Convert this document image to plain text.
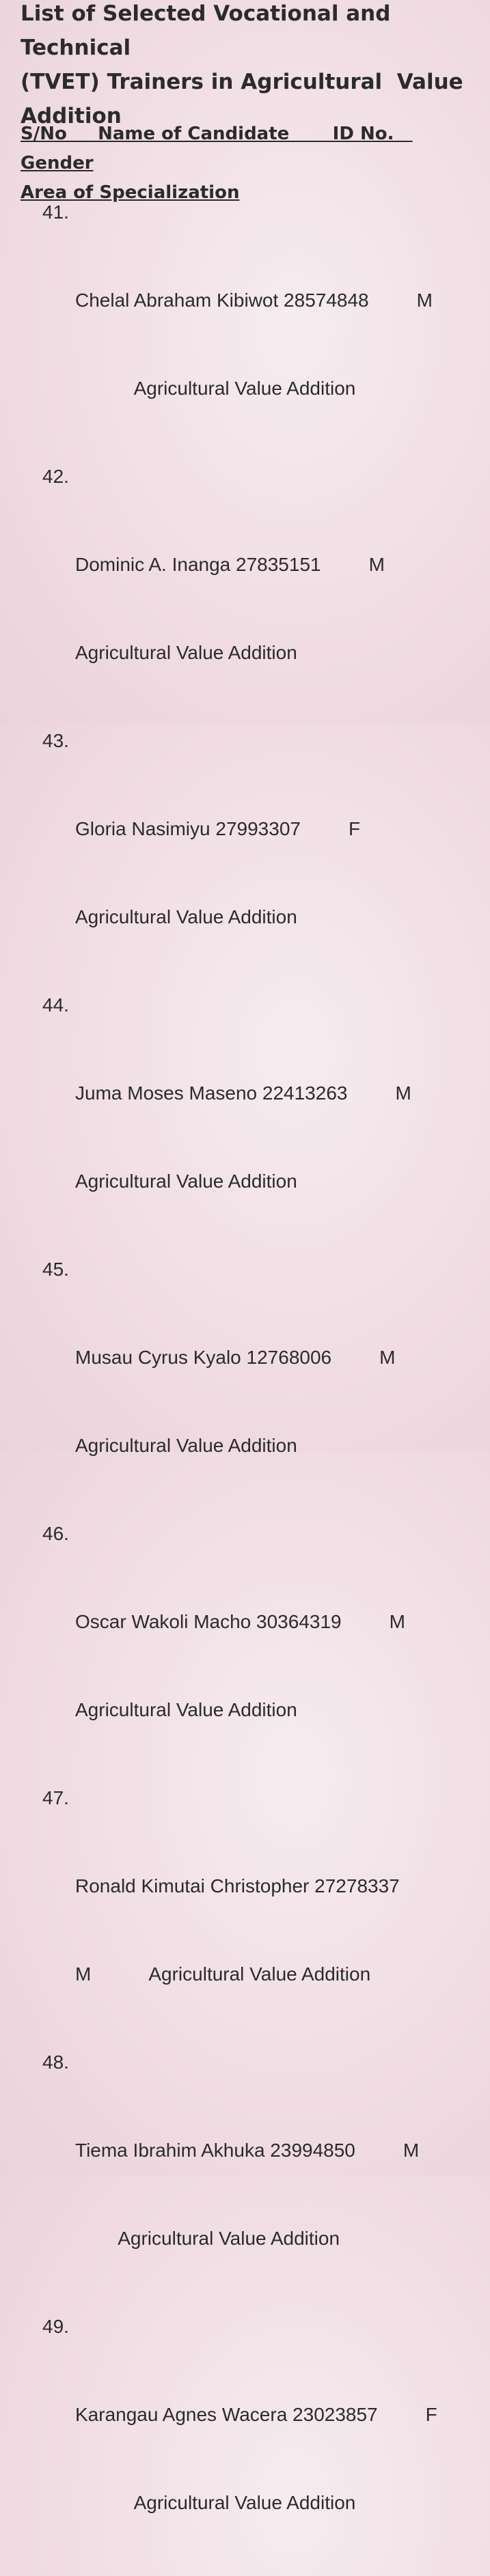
List of Selected Vocational and Technical
(TVET) Trainers in Agricultural  Value
Addition
S/No     Name of Candidate       ID No.   Gender
Area of Specialization

41.

Chelal Abraham Kibiwot 28574848         M

Agricultural Value Addition

42.

Dominic A. Inanga 27835151         M

Agricultural Value Addition

43.

Gloria Nasimiyu 27993307         F

Agricultural Value Addition

44.

Juma Moses Maseno 22413263         M

Agricultural Value Addition

45.

Musau Cyrus Kyalo 12768006         M

Agricultural Value Addition

46.

Oscar Wakoli Macho 30364319         M

Agricultural Value Addition

47.

Ronald Kimutai Christopher 27278337

M           Agricultural Value Addition

48.

Tiema Ibrahim Akhuka 23994850         M

Agricultural Value Addition

49.

Karangau Agnes Wacera 23023857         F

Agricultural Value Addition
